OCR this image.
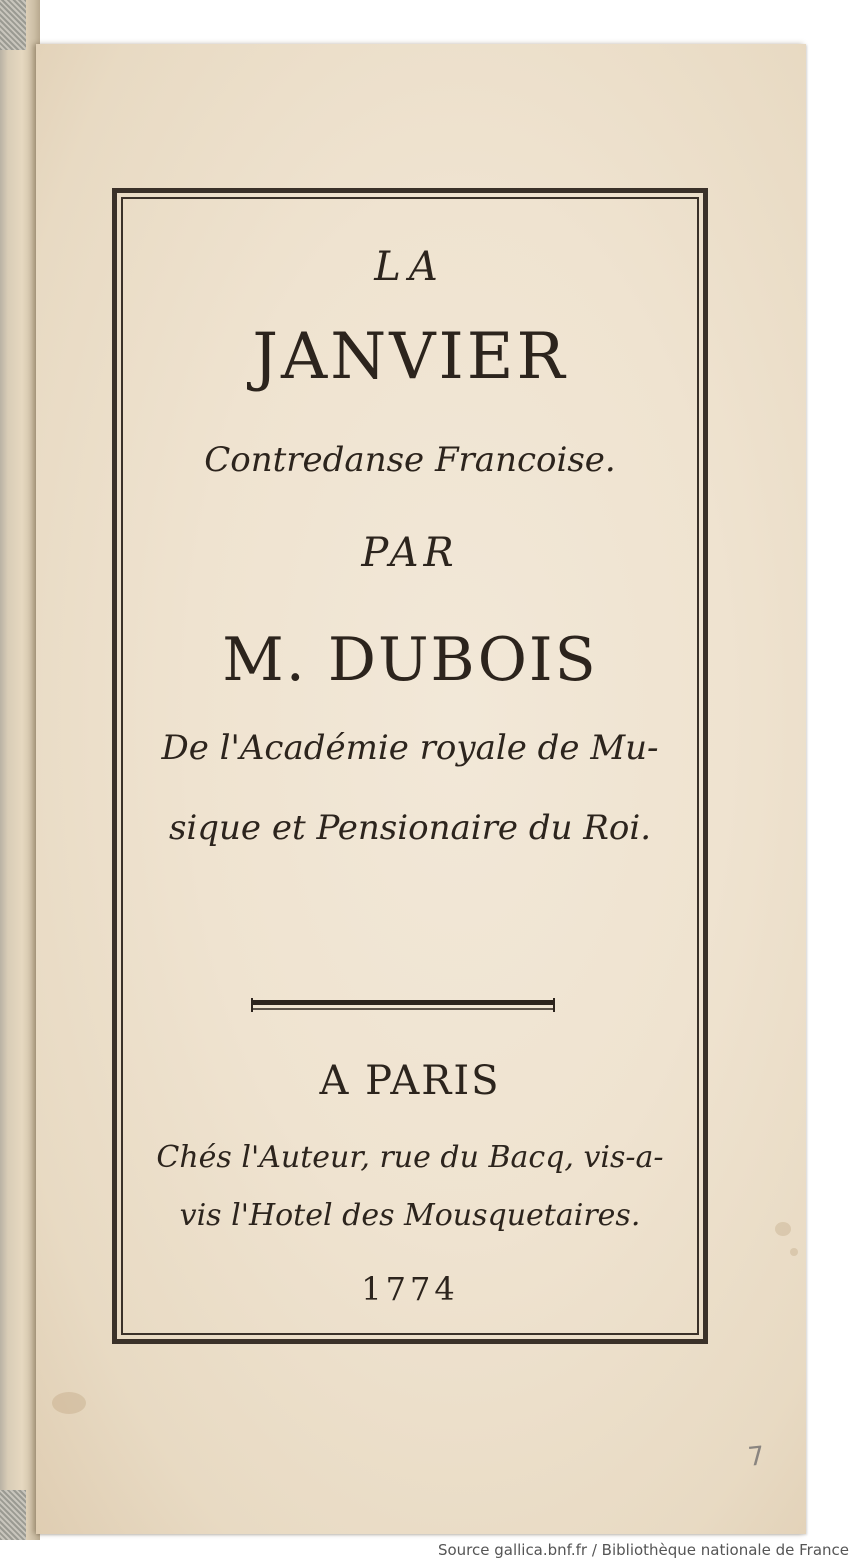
LA
JANVIER
Contredanse Francoise.
PAR
M. DUBOIS
De l'Académie royale de Mu-
sique et Pensionaire du Roi.
A PARIS
Chés l'Auteur, rue du Bacq, vis-a-
vis l'Hotel des Mousquetaires.
1774
7
Source gallica.bnf.fr / Bibliothèque nationale de France
